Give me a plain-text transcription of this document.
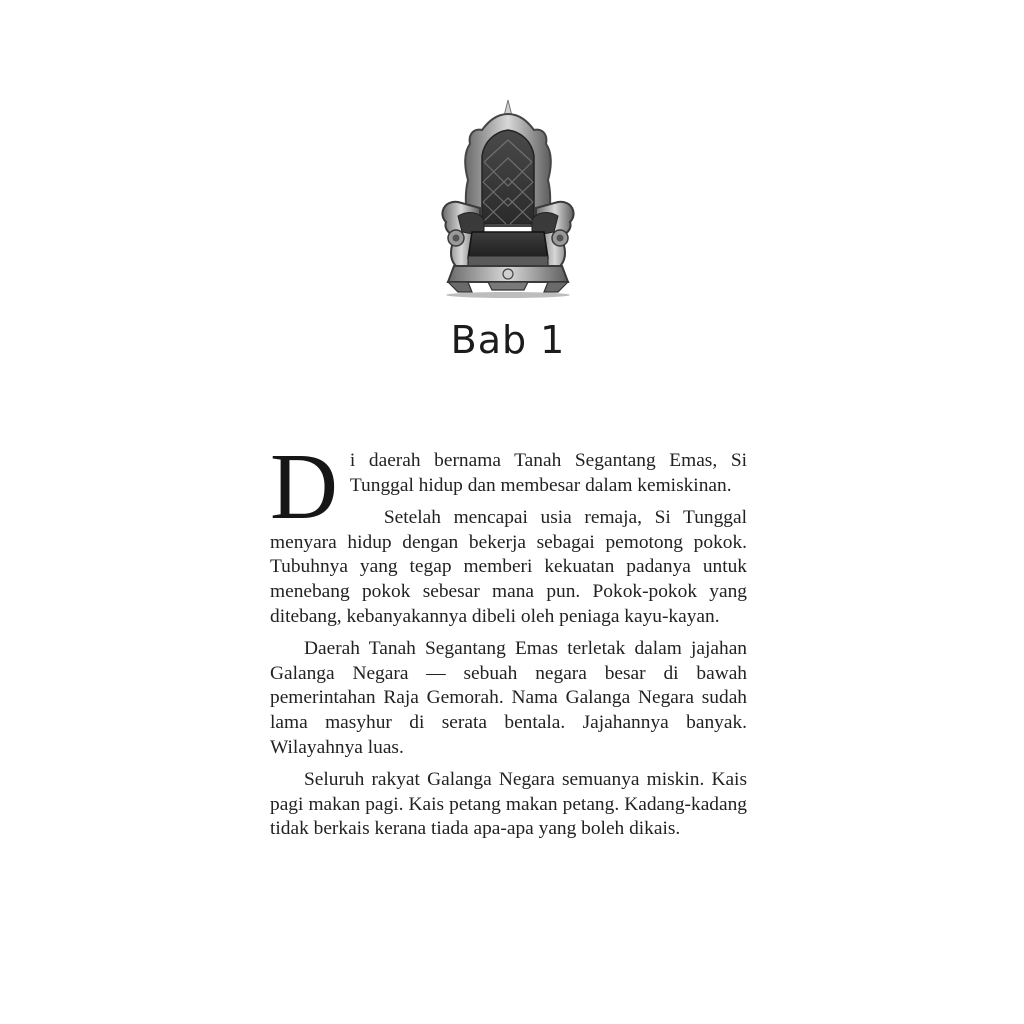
Bab 1

Di daerah bernama Tanah Segantang Emas, Si Tunggal hidup dan membesar dalam kemiskinan.

Setelah mencapai usia remaja, Si Tunggal menyara hidup dengan bekerja sebagai pemotong pokok. Tubuhnya yang tegap memberi kekuatan padanya untuk menebang pokok sebesar mana pun. Pokok-pokok yang ditebang, kebanyakannya dibeli oleh peniaga kayu-kayan.

Daerah Tanah Segantang Emas terletak dalam jajahan Galanga Negara — sebuah negara besar di bawah pemerintahan Raja Gemorah. Nama Galanga Negara sudah lama masyhur di serata bentala. Jajahannya banyak. Wilayahnya luas.

Seluruh rakyat Galanga Negara semuanya miskin. Kais pagi makan pagi. Kais petang makan petang. Kadang-kadang tidak berkais kerana tiada apa-apa yang boleh dikais.
